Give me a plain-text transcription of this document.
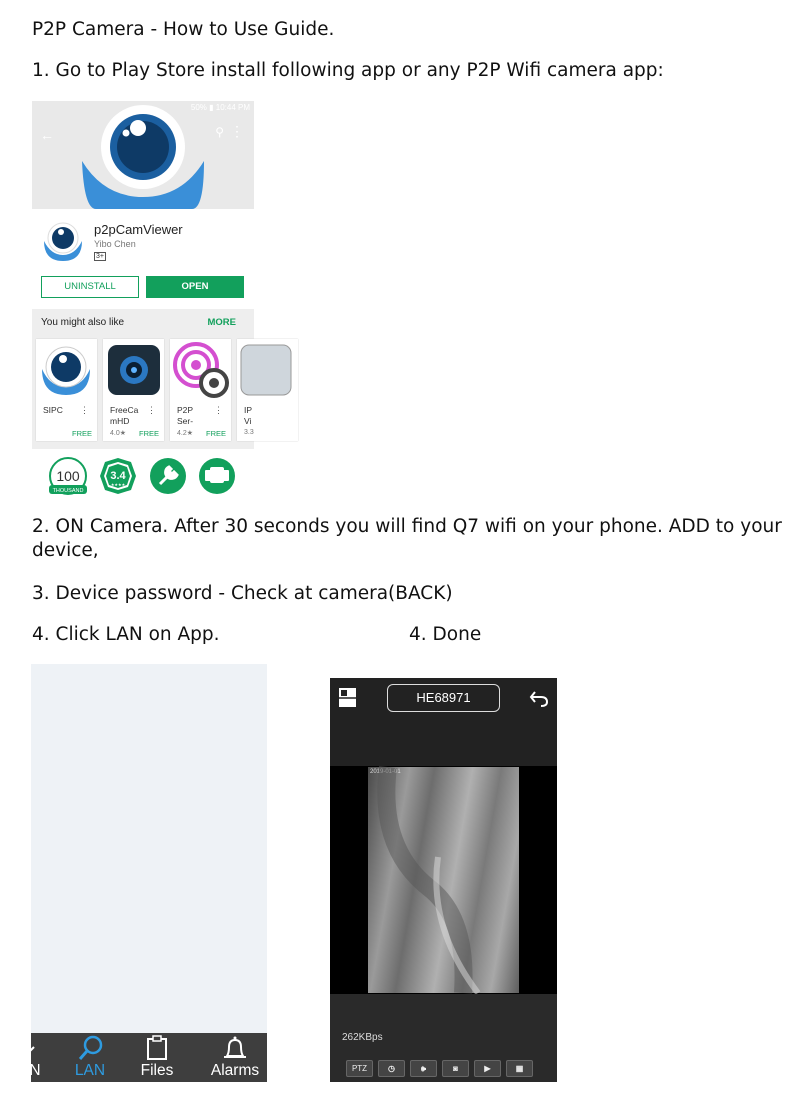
P2P Camera - How to Use Guide.
1. Go to Play Store install following app or any P2P Wifi camera app:
50% ▮ 10:44 PM
←	⚲ ⋮
p2pCamViewer
Yibo Chen
3+
UNINSTALL	OPEN
You might also like	MORE
SIPC ⋮
FREE
FreeCa mHD
⋮
4.0★ FREE
P2P Ser-
⋮
4.2★ FREE
IP Vi
3.3
100
THOUSAND
3.4
★★★★
2. ON Camera. After 30 seconds you will find Q7 wifi on your phone. ADD to your device,
3. Device password - Check at camera(BACK)
4. Click LAN on App.	4. Done
N	LAN	Files	Alarms
HE68971
2019-01-01
262KBps
PTZ	◷	🕪	◙	▶	▦
